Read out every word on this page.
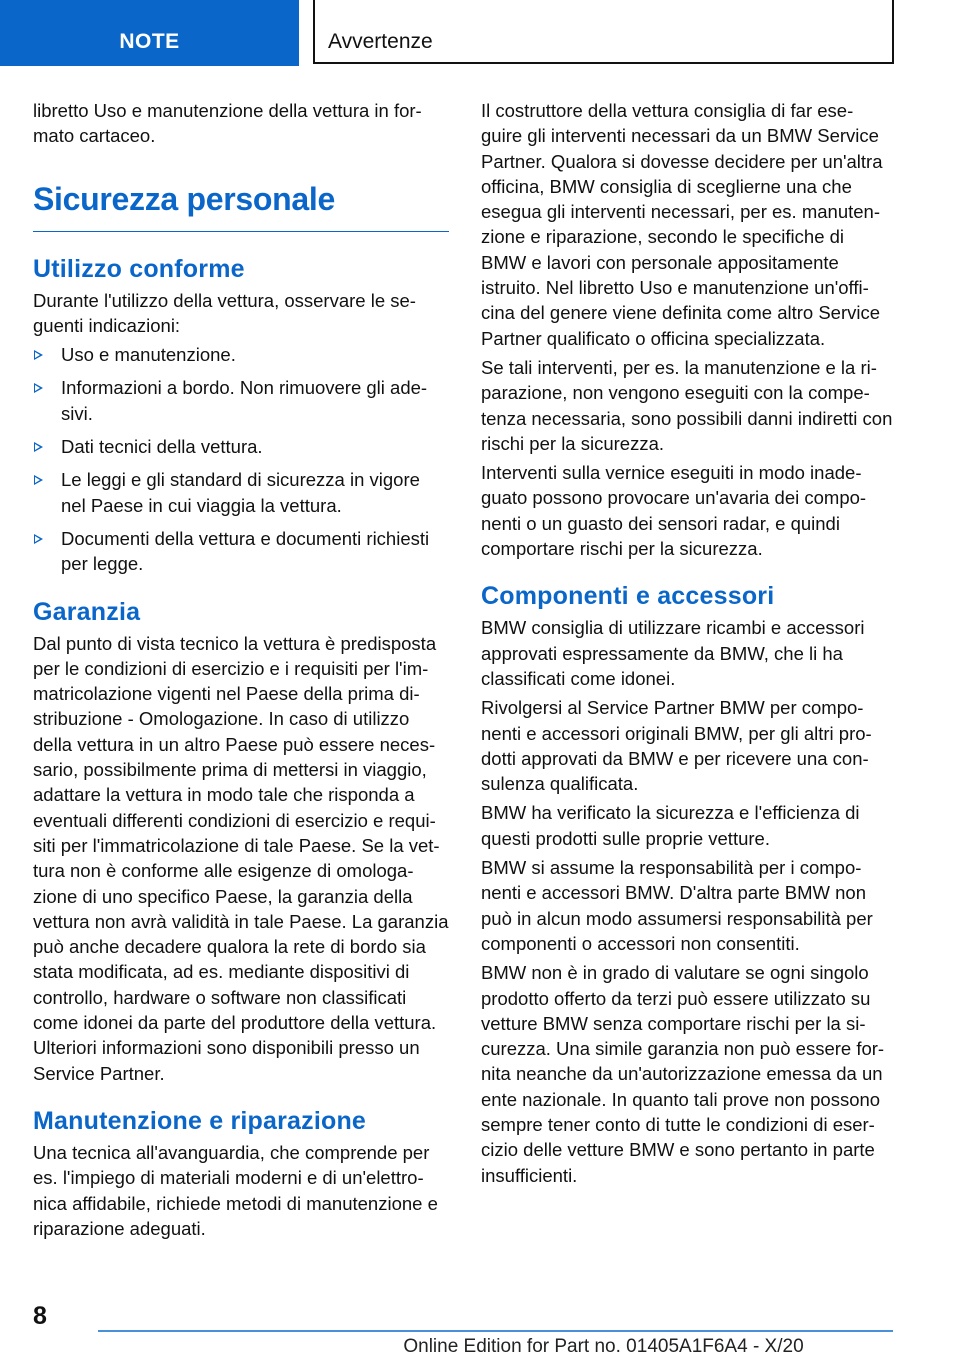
NOTE	Avvertenze

libretto Uso e manutenzione della vettura in for-mato cartaceo.

Sicurezza personale
Utilizzo conforme

Durante l'utilizzo della vettura, osservare le se-guenti indicazioni:

Uso e manutenzione.
Informazioni a bordo. Non rimuovere gli ade-sivi.
Dati tecnici della vettura.
Le leggi e gli standard di sicurezza in vigore nel Paese in cui viaggia la vettura.
Documenti della vettura e documenti richiesti per legge.
Garanzia

Dal punto di vista tecnico la vettura è predisposta per le condizioni di esercizio e i requisiti per l'im-matricolazione vigenti nel Paese della prima di-stribuzione - Omologazione. In caso di utilizzo della vettura in un altro Paese può essere neces-sario, possibilmente prima di mettersi in viaggio, adattare la vettura in modo tale che risponda a eventuali differenti condizioni di esercizio e requi-siti per l'immatricolazione di tale Paese. Se la vet-tura non è conforme alle esigenze di omologa-zione di uno specifico Paese, la garanzia della vettura non avrà validità in tale Paese. La garanzia può anche decadere qualora la rete di bordo sia stata modificata, ad es. mediante dispositivi di controllo, hardware o software non classificati come idonei da parte del produttore della vettura. Ulteriori informazioni sono disponibili presso un Service Partner.

Manutenzione e riparazione

Una tecnica all'avanguardia, che comprende per es. l'impiego di materiali moderni e di un'elettro-nica affidabile, richiede metodi di manutenzione e riparazione adeguati.

Il costruttore della vettura consiglia di far ese-guire gli interventi necessari da un BMW Service Partner. Qualora si dovesse decidere per un'altra officina, BMW consiglia di sceglierne una che esegua gli interventi necessari, per es. manuten-zione e riparazione, secondo le specifiche di BMW e lavori con personale appositamente istruito. Nel libretto Uso e manutenzione un'offi-cina del genere viene definita come altro Service Partner qualificato o officina specializzata.

Se tali interventi, per es. la manutenzione e la ri-parazione, non vengono eseguiti con la compe-tenza necessaria, sono possibili danni indiretti con rischi per la sicurezza.

Interventi sulla vernice eseguiti in modo inade-guato possono provocare un'avaria dei compo-nenti o un guasto dei sensori radar, e quindi comportare rischi per la sicurezza.

Componenti e accessori

BMW consiglia di utilizzare ricambi e accessori approvati espressamente da BMW, che li ha classificati come idonei.

Rivolgersi al Service Partner BMW per compo-nenti e accessori originali BMW, per gli altri pro-dotti approvati da BMW e per ricevere una con-sulenza qualificata.

BMW ha verificato la sicurezza e l'efficienza di questi prodotti sulle proprie vetture.

BMW si assume la responsabilità per i compo-nenti e accessori BMW. D'altra parte BMW non può in alcun modo assumersi responsabilità per componenti o accessori non consentiti.

BMW non è in grado di valutare se ogni singolo prodotto offerto da terzi può essere utilizzato su vetture BMW senza comportare rischi per la si-curezza. Una simile garanzia non può essere for-nita neanche da un'autorizzazione emessa da un ente nazionale. In quanto tali prove non possono sempre tener conto di tutte le condizioni di eser-cizio delle vetture BMW e sono pertanto in parte insufficienti.

8
Online Edition for Part no. 01405A1F6A4 - X/20
